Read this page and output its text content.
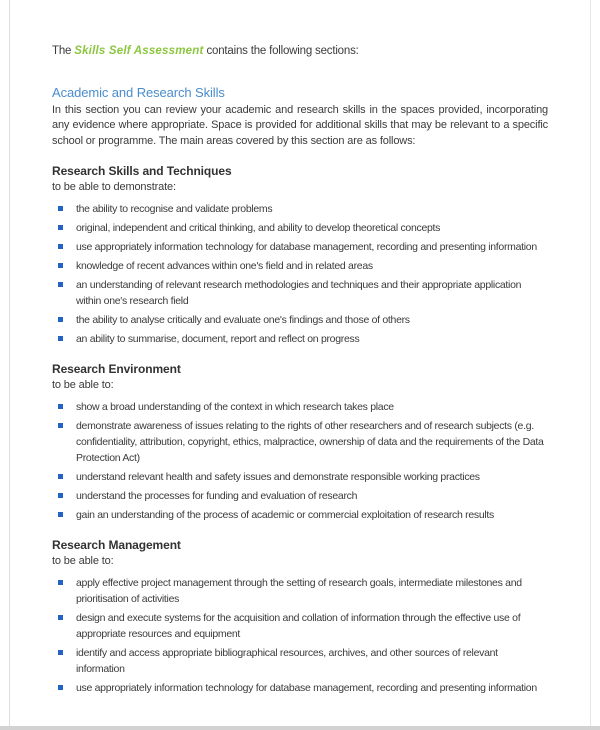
The Skills Self Assessment contains the following sections:

Academic and Research Skills

In this section you can review your academic and research skills in the spaces provided, incorporating any evidence where appropriate. Space is provided for additional skills that may be relevant to a specific school or programme. The main areas covered by this section are as follows:

Research Skills and Techniques
to be able to demonstrate:
the ability to recognise and validate problems
original, independent and critical thinking, and ability to develop theoretical concepts
use appropriately information technology for database management, recording and presenting information
knowledge of recent advances within one's field and in related areas
an understanding of relevant research methodologies and techniques and their appropriate application within one's research field
the ability to analyse critically and evaluate one's findings and those of others
an ability to summarise, document, report and reflect on progress
Research Environment
to be able to:
show a broad understanding of the context in which research takes place
demonstrate awareness of issues relating to the rights of other researchers and of research subjects (e.g. confidentiality, attribution, copyright, ethics, malpractice, ownership of data and the requirements of the Data Protection Act)
understand relevant health and safety issues and demonstrate responsible working practices
understand the processes for funding and evaluation of research
gain an understanding of the process of academic or commercial exploitation of research results
Research Management
to be able to:
apply effective project management through the setting of research goals, intermediate milestones and prioritisation of activities
design and execute systems for the acquisition and collation of information through the effective use of appropriate resources and equipment
identify and access appropriate bibliographical resources, archives, and other sources of relevant information
use appropriately information technology for database management, recording and presenting information
